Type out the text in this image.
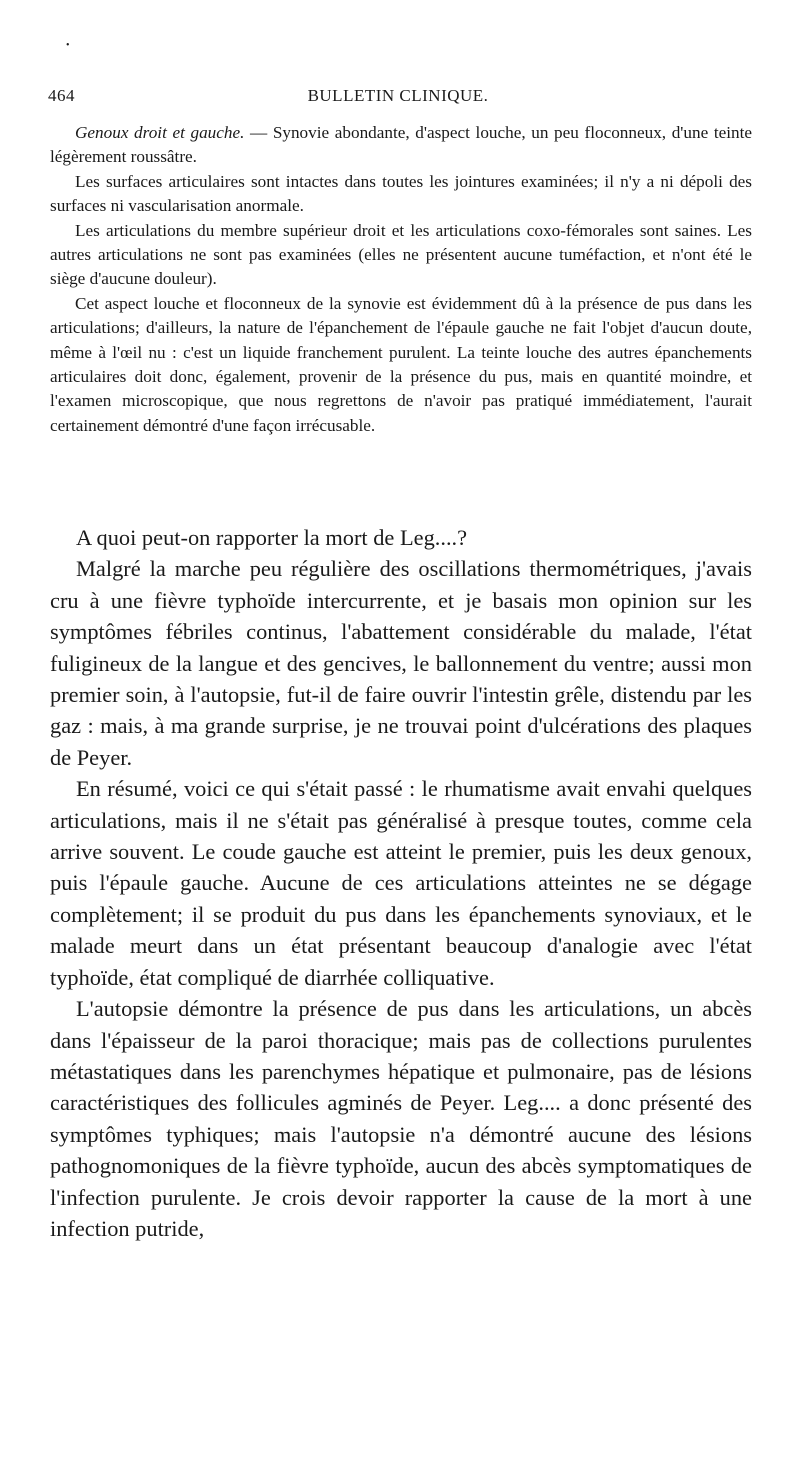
•
464	BULLETIN CLINIQUE.

Genoux droit et gauche. — Synovie abondante, d'aspect louche, un peu floconneux, d'une teinte légèrement roussâtre.

Les surfaces articulaires sont intactes dans toutes les jointures examinées; il n'y a ni dépoli des surfaces ni vascularisation anormale.

Les articulations du membre supérieur droit et les articulations coxo-fémorales sont saines. Les autres articulations ne sont pas examinées (elles ne présentent aucune tuméfaction, et n'ont été le siège d'aucune douleur).

Cet aspect louche et floconneux de la synovie est évidemment dû à la présence de pus dans les articulations; d'ailleurs, la nature de l'épanchement de l'épaule gauche ne fait l'objet d'aucun doute, même à l'œil nu : c'est un liquide franchement purulent. La teinte louche des autres épanchements articulaires doit donc, également, provenir de la présence du pus, mais en quantité moindre, et l'examen microscopique, que nous regrettons de n'avoir pas pratiqué immédiatement, l'aurait certainement démontré d'une façon irrécusable.

A quoi peut-on rapporter la mort de Leg....?

Malgré la marche peu régulière des oscillations thermométriques, j'avais cru à une fièvre typhoïde intercurrente, et je basais mon opinion sur les symptômes fébriles continus, l'abattement considérable du malade, l'état fuligineux de la langue et des gencives, le ballonnement du ventre; aussi mon premier soin, à l'autopsie, fut-il de faire ouvrir l'intestin grêle, distendu par les gaz : mais, à ma grande surprise, je ne trouvai point d'ulcérations des plaques de Peyer.

En résumé, voici ce qui s'était passé : le rhumatisme avait envahi quelques articulations, mais il ne s'était pas généralisé à presque toutes, comme cela arrive souvent. Le coude gauche est atteint le premier, puis les deux genoux, puis l'épaule gauche. Aucune de ces articulations atteintes ne se dégage complètement; il se produit du pus dans les épanchements synoviaux, et le malade meurt dans un état présentant beaucoup d'analogie avec l'état typhoïde, état compliqué de diarrhée colliquative.

L'autopsie démontre la présence de pus dans les articulations, un abcès dans l'épaisseur de la paroi thoracique; mais pas de collections purulentes métastatiques dans les parenchymes hépatique et pulmonaire, pas de lésions caractéristiques des follicules agminés de Peyer. Leg.... a donc présenté des symptômes typhiques; mais l'autopsie n'a démontré aucune des lésions pathognomoniques de la fièvre typhoïde, aucun des abcès symptomatiques de l'infection purulente. Je crois devoir rapporter la cause de la mort à une infection putride,
